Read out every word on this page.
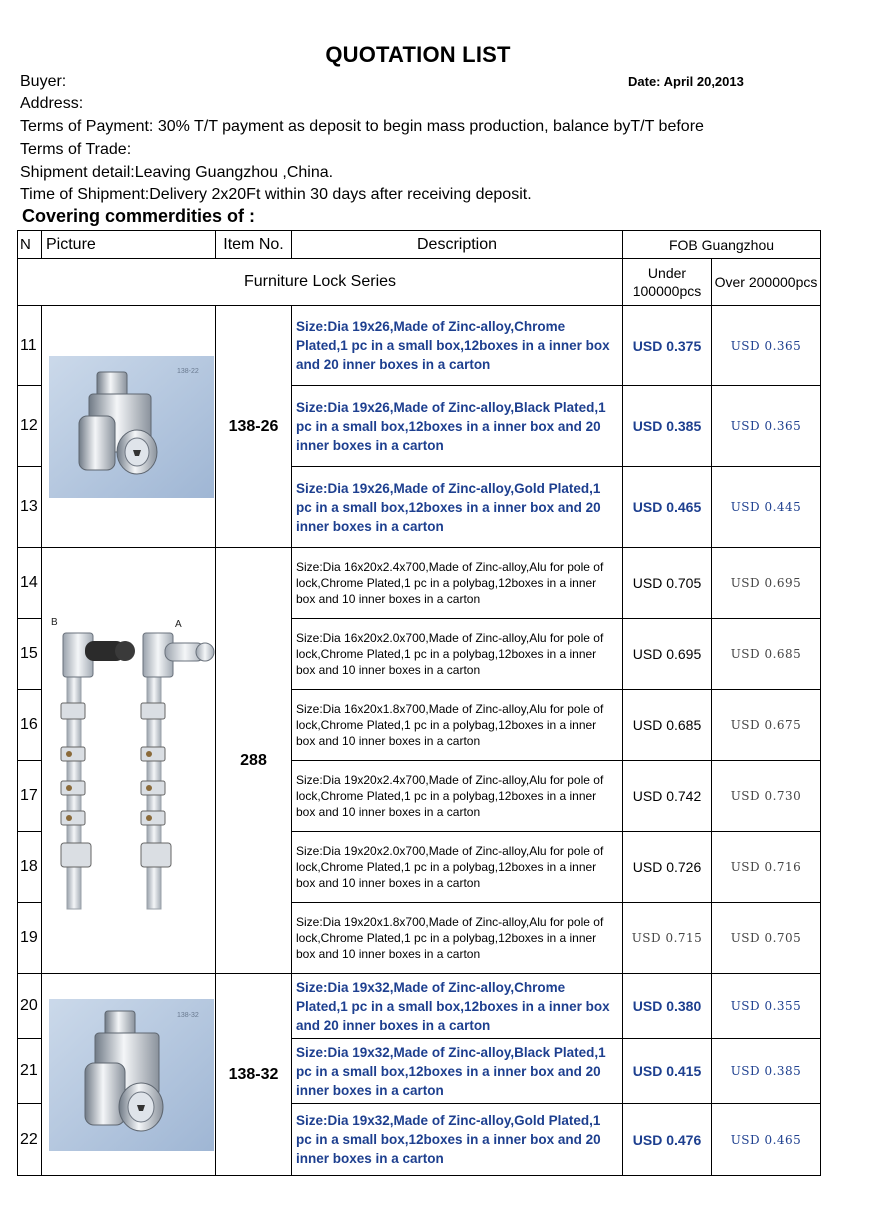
QUOTATION LIST
Buyer:	Date: April 20,2013
Address:
Terms of Payment: 30% T/T payment as deposit to begin mass production, balance byT/T before
Terms of Trade:
Shipment detail:Leaving Guangzhou ,China.
Time of Shipment:Delivery 2x20Ft within 30 days after receiving deposit.
Covering commerdities of :
N	Picture	Item No.	Description	FOB Guangzhou	
Furniture Lock Series				Under 100000pcs	Over 200000pcs
11	138-22	138-26	Size:Dia 19x26,Made of Zinc-alloy,Chrome Plated,1 pc in a small box,12boxes in a inner box and 20 inner boxes in a carton	USD 0.375	USD 0.365
12			Size:Dia 19x26,Made of Zinc-alloy,Black Plated,1 pc in a small box,12boxes in a inner box and 20 inner boxes in a carton	USD 0.385	USD 0.365
13			Size:Dia 19x26,Made of Zinc-alloy,Gold Plated,1 pc in a small box,12boxes in a inner box and 20 inner boxes in a carton	USD 0.465	USD 0.445
14	B A	288	Size:Dia 16x20x2.4x700,Made of Zinc-alloy,Alu for pole of lock,Chrome Plated,1 pc in a polybag,12boxes in a inner box and 10 inner boxes in a carton	USD 0.705	USD 0.695
15			Size:Dia 16x20x2.0x700,Made of Zinc-alloy,Alu for pole of lock,Chrome Plated,1 pc in a polybag,12boxes in a inner box and 10 inner boxes in a carton	USD 0.695	USD 0.685
16			Size:Dia 16x20x1.8x700,Made of Zinc-alloy,Alu for pole of lock,Chrome Plated,1 pc in a polybag,12boxes in a inner box and 10 inner boxes in a carton	USD 0.685	USD 0.675
17			Size:Dia 19x20x2.4x700,Made of Zinc-alloy,Alu for pole of lock,Chrome Plated,1 pc in a polybag,12boxes in a inner box and 10 inner boxes in a carton	USD 0.742	USD 0.730
18			Size:Dia 19x20x2.0x700,Made of Zinc-alloy,Alu for pole of lock,Chrome Plated,1 pc in a polybag,12boxes in a inner box and 10 inner boxes in a carton	USD 0.726	USD 0.716
19			Size:Dia 19x20x1.8x700,Made of Zinc-alloy,Alu for pole of lock,Chrome Plated,1 pc in a polybag,12boxes in a inner box and 10 inner boxes in a carton	USD 0.715	USD 0.705
20	138-32	138-32	Size:Dia 19x32,Made of Zinc-alloy,Chrome Plated,1 pc in a small box,12boxes in a inner box and 20 inner boxes in a carton	USD 0.380	USD 0.355
21			Size:Dia 19x32,Made of Zinc-alloy,Black Plated,1 pc in a small box,12boxes in a inner box and 20 inner boxes in a carton	USD 0.415	USD 0.385
22			Size:Dia 19x32,Made of Zinc-alloy,Gold Plated,1 pc in a small box,12boxes in a inner box and 20 inner boxes in a carton	USD 0.476	USD 0.465
